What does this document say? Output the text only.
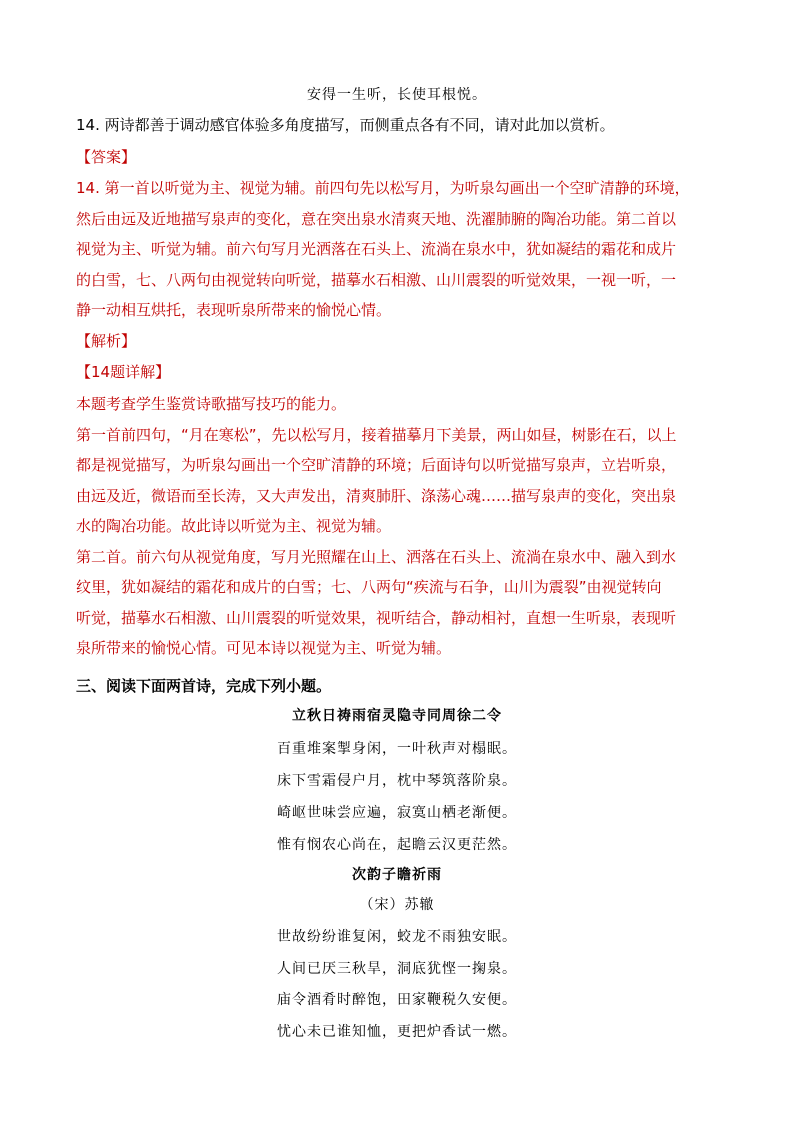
安得一生听，长使耳根悦。
14. 两诗都善于调动感官体验多角度描写，而侧重点各有不同，请对此加以赏析。
【答案】
14. 第一首以听觉为主、视觉为辅。前四句先以松写月，为听泉勾画出一个空旷清静的环境，
然后由远及近地描写泉声的变化，意在突出泉水清爽天地、洗濯肺腑的陶冶功能。第二首以
视觉为主、听觉为辅。前六句写月光洒落在石头上、流淌在泉水中，犹如凝结的霜花和成片
的白雪，七、八两句由视觉转向听觉，描摹水石相激、山川震裂的听觉效果，一视一听，一
静一动相互烘托，表现听泉所带来的愉悦心情。
【解析】
【14题详解】
本题考查学生鉴赏诗歌描写技巧的能力。
第一首前四句，“月在寒松”，先以松写月，接着描摹月下美景，两山如昼，树影在石，以上
都是视觉描写，为听泉勾画出一个空旷清静的环境；后面诗句以听觉描写泉声，立岩听泉，
由远及近，微语而至长涛，又大声发出，清爽肺肝、涤荡心魂……描写泉声的变化，突出泉
水的陶冶功能。故此诗以听觉为主、视觉为辅。
第二首。前六句从视觉角度，写月光照耀在山上、洒落在石头上、流淌在泉水中、融入到水
纹里，犹如凝结的霜花和成片的白雪；七、八两句“疾流与石争，山川为震裂”由视觉转向
听觉，描摹水石相激、山川震裂的听觉效果，视听结合，静动相衬，直想一生听泉，表现听
泉所带来的愉悦心情。可见本诗以视觉为主、听觉为辅。
三、阅读下面两首诗，完成下列小题。
立秋日祷雨宿灵隐寺同周徐二令
百重堆案掣身闲，一叶秋声对榻眠。
床下雪霜侵户月，枕中琴筑落阶泉。
崎岖世味尝应遍，寂寞山栖老渐便。
惟有悯农心尚在，起瞻云汉更茫然。
次韵子瞻祈雨
（宋）苏辙
世故纷纷谁复闲，蛟龙不雨独安眠。
人间已厌三秋旱，洞底犹悭一掬泉。
庙令酒肴时醉饱，田家鞭税久安便。
忧心未已谁知恤，更把炉香试一燃。
